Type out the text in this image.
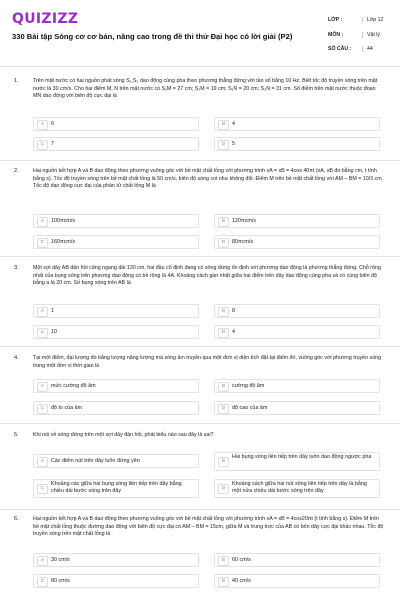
QUIZIZZ
330 Bài tập Sóng cơ cơ bản, nâng cao trong đề thi thử Đại học có lời giải (P2)
LỚP :	Lớp 12
MÔN :	Vật lý
SỐ CÂU :	44
1.	Trên mặt nước có hai nguồn phát sóng S₁,S₂ dao động cùng pha theo phương thẳng đứng với tần số bằng 10 Hz. Biết tốc độ truyền sóng trên mặt nước là 30 cm/s. Cho hai điểm M, N trên mặt nước có S₁M = 27 cm; S₂M = 19 cm; S₁N = 20 cm; S₂N = 31 cm. Số điểm trên mặt nước thuộc đoạn MN dao động với biên độ cực đại là
A	6	B	4
C	7	D	5
2.	Hai nguồn kết hợp A và B dao động theo phương vuông góc với bề mặt chất lỏng với phương trình xA = xB = 4cos 40πt (xA, xB đo bằng cm, t tính bằng s). Tốc độ truyền sóng trên bề mặt chất lỏng là 50 cm/s, biên độ sóng coi như không đổi. Điểm M trên bề mặt chất lỏng với AM – BM = 10/3 cm. Tốc độ dao động cực đại của phần tử chất lỏng M là
A	100πcm/s	B	120πcm/s
C	160πcm/s	D	80πcm/s
3.	Một sợi dây AB dàn hồi căng ngang dài 120 cm, hai đầu cố định đang có sóng dừng ổn định với phương dao động là phương thẳng đứng. Chỗ rộng nhất của bụng sóng trên phương dao động có bề rộng là 4A. Khoảng cách gần nhất giữa hai điểm trên dây dao động cùng pha và có cùng biên độ bằng a là 20 cm. Số bụng sóng trên AB là
A	1	B	8
C	10	D	4
4.	Tại một điểm, đại lượng đo bằng lượng năng lượng mà sóng âm truyền qua một đơn vị diện tích đặt tại điểm đó, vuông góc với phương truyền sóng trong một đơn vị thời gian là
A	mức cường độ âm	B	cường độ âm
C	độ to của âm	D	độ cao của âm
5.	Khi nói về sóng dừng trên một sợi dây đàn hồi, phát biểu nào sau đây là sai?
A	Các điểm nút trên dây luôn đứng yên	B
Hai bụng sóng liên tiếp trên dây luôn dao động ngược pha
C
Khoảng các giữa hai bụng sóng liên tiếp trên dây bằng chiều dài bước sóng trên dây	D
Khoảng cách giữa hai nút sóng liên tiếp trên dây là bằng một nửa chiều dài bước sóng trên dây
6.	Hai nguồn kết hợp A và B dao động theo phương vuông góc với bề mặt chất lỏng với phương trình xA = xB = 4cos20πt (t tính bằng s). Điểm M trên bề mặt chất lỏng thuộc đường dao động với biên độ cực đại có AM – BM = 15cm, giữa M và trung trực của AB có bốn dãy cực đại khác nhau. Tốc độ truyền sóng trên mặt chất lỏng là
A	30 cm/s	B	60 cm/s
C	80 cm/s	D	40 cm/s
